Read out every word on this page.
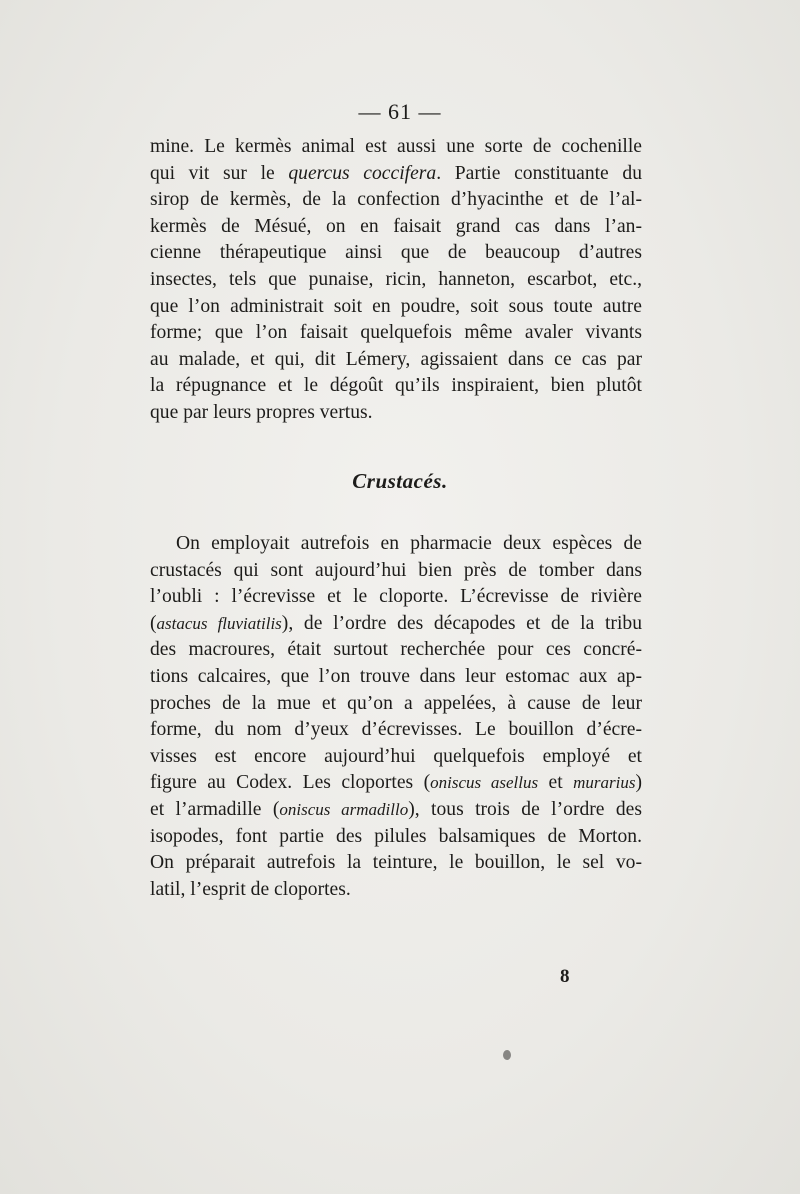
— 61 —
mine. Le kermès animal est aussi une sorte de cochenille
qui vit sur le quercus coccifera. Partie constituante du
sirop de kermès, de la confection d’hyacinthe et de l’al-
kermès de Mésué, on en faisait grand cas dans l’an-
cienne thérapeutique ainsi que de beaucoup d’autres
insectes, tels que punaise, ricin, hanneton, escarbot, etc.,
que l’on administrait soit en poudre, soit sous toute autre
forme; que l’on faisait quelquefois même avaler vivants
au malade, et qui, dit Lémery, agissaient dans ce cas par
la répugnance et le dégoût qu’ils inspiraient, bien plutôt
que par leurs propres vertus.
Crustacés.
On employait autrefois en pharmacie deux espèces de
crustacés qui sont aujourd’hui bien près de tomber dans
l’oubli : l’écrevisse et le cloporte. L’écrevisse de rivière
(astacus fluviatilis), de l’ordre des décapodes et de la tribu
des macroures, était surtout recherchée pour ces concré-
tions calcaires, que l’on trouve dans leur estomac aux ap-
proches de la mue et qu’on a appelées, à cause de leur
forme, du nom d’yeux d’écrevisses. Le bouillon d’écre-
visses est encore aujourd’hui quelquefois employé et
figure au Codex. Les cloportes (oniscus asellus et murarius)
et l’armadille (oniscus armadillo), tous trois de l’ordre des
isopodes, font partie des pilules balsamiques de Morton.
On préparait autrefois la teinture, le bouillon, le sel vo-
latil, l’esprit de cloportes.
8
